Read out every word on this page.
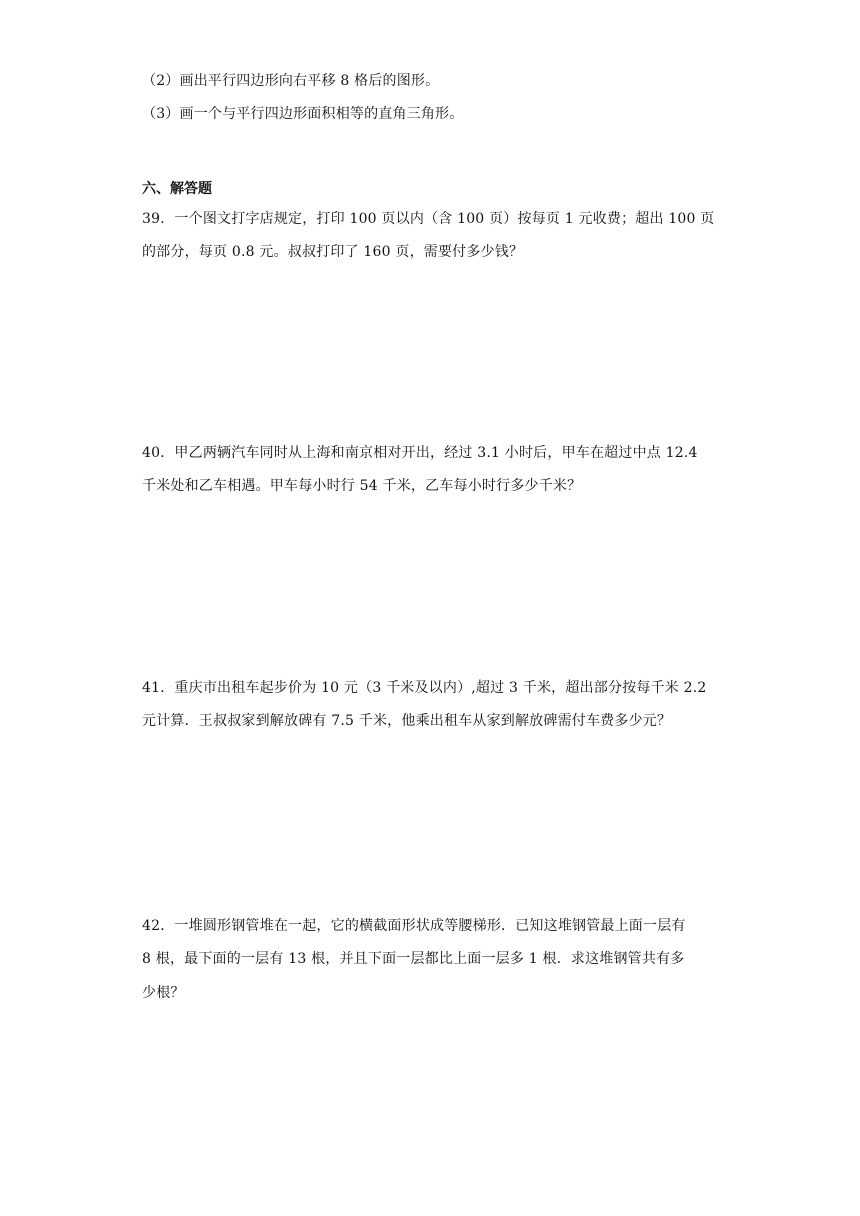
（2）画出平行四边形向右平移 8 格后的图形。
（3）画一个与平行四边形面积相等的直角三角形。
六、解答题
39．一个图文打字店规定，打印 100 页以内（含 100 页）按每页 1 元收费；超出 100 页
的部分，每页 0.8 元。叔叔打印了 160 页，需要付多少钱？
40．甲乙两辆汽车同时从上海和南京相对开出，经过 3.1 小时后，甲车在超过中点 12.4
千米处和乙车相遇。甲车每小时行 54 千米，乙车每小时行多少千米？
41．重庆市出租车起步价为 10 元（3 千米及以内）,超过 3 千米，超出部分按每千米 2.2
元计算．王叔叔家到解放碑有 7.5 千米，他乘出租车从家到解放碑需付车费多少元？
42．一堆圆形钢管堆在一起，它的横截面形状成等腰梯形．已知这堆钢管最上面一层有
8 根，最下面的一层有 13 根，并且下面一层都比上面一层多 1 根．求这堆钢管共有多
少根？
